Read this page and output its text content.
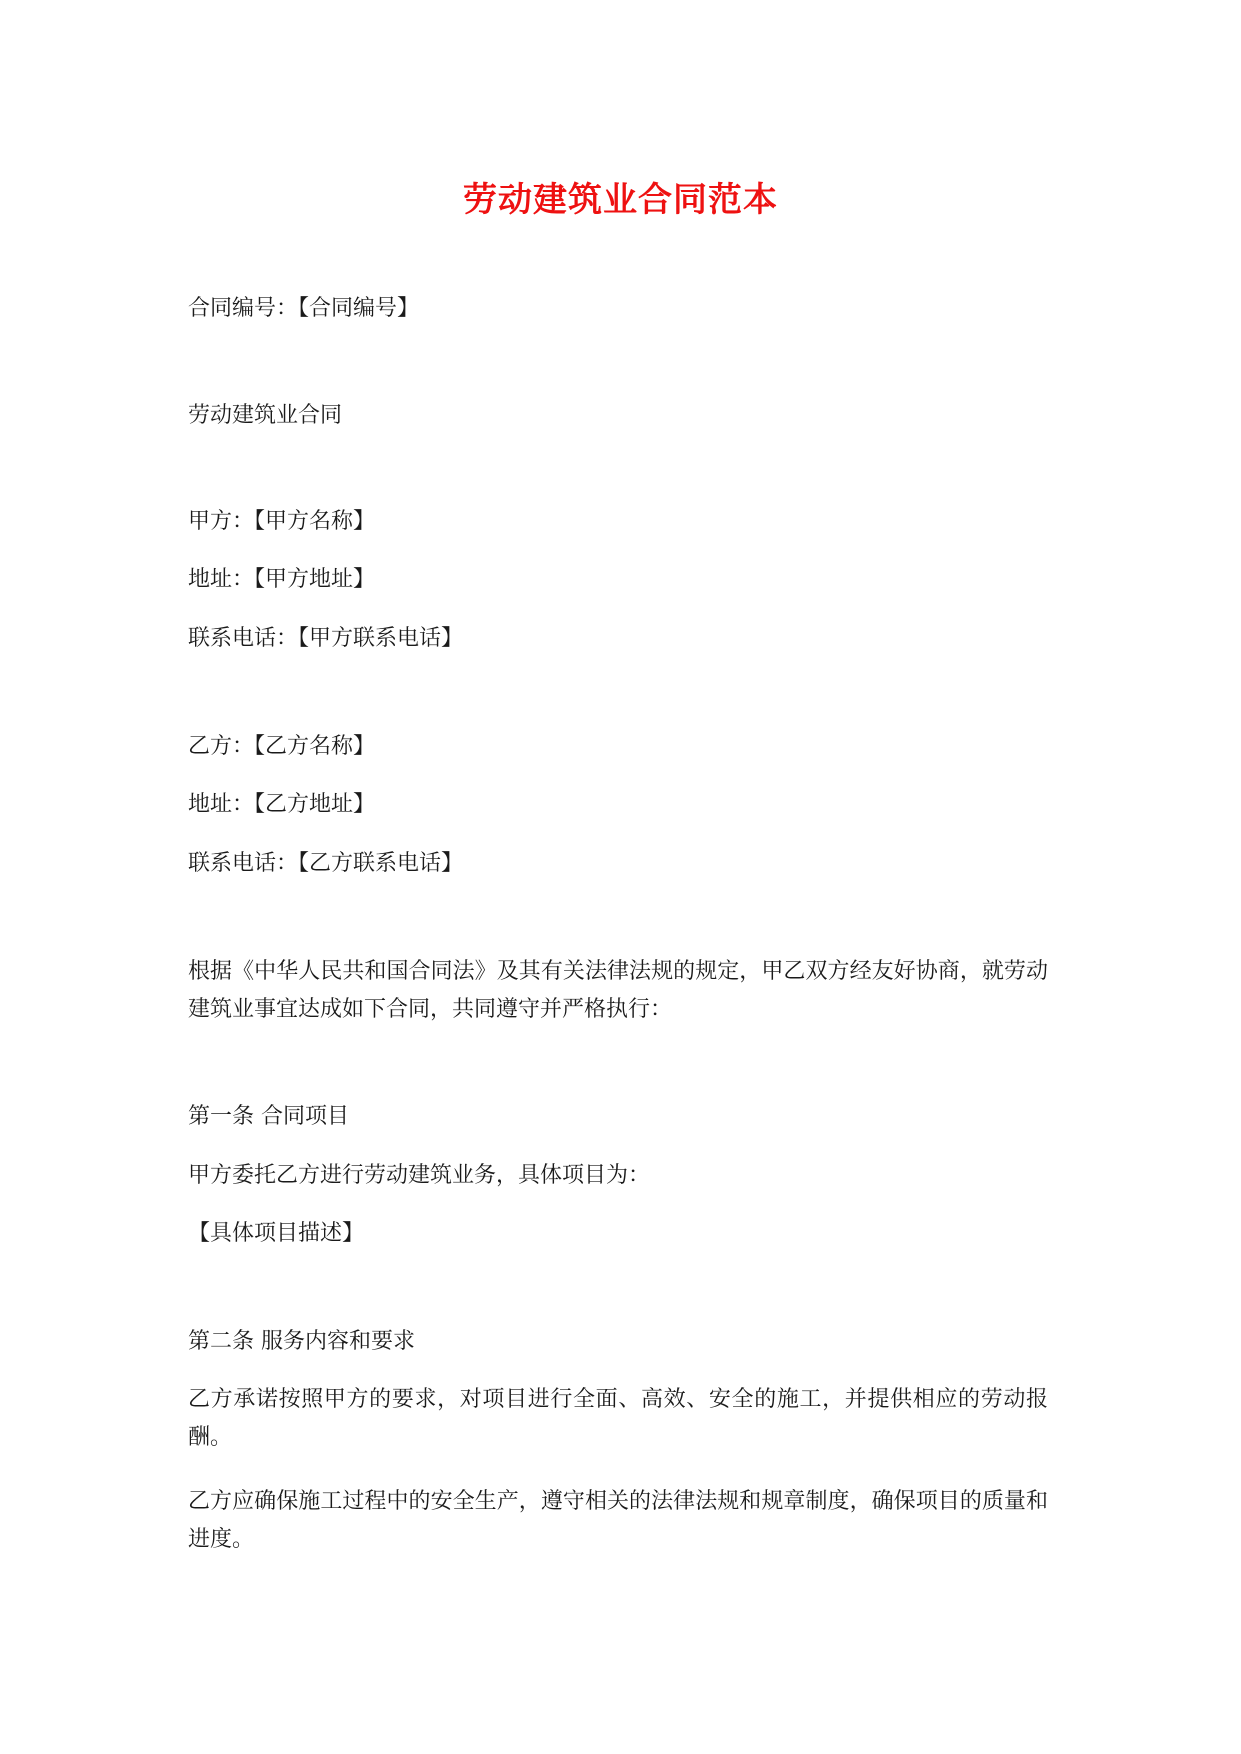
劳动建筑业合同范本
合同编号：【合同编号】
劳动建筑业合同
甲方：【甲方名称】
地址：【甲方地址】
联系电话：【甲方联系电话】
乙方：【乙方名称】
地址：【乙方地址】
联系电话：【乙方联系电话】
根据《中华人民共和国合同法》及其有关法律法规的规定，甲乙双方经友好协商，就劳动建筑业事宜达成如下合同，共同遵守并严格执行：
第一条 合同项目
甲方委托乙方进行劳动建筑业务，具体项目为：
【具体项目描述】
第二条 服务内容和要求
乙方承诺按照甲方的要求，对项目进行全面、高效、安全的施工，并提供相应的劳动报酬。
乙方应确保施工过程中的安全生产，遵守相关的法律法规和规章制度，确保项目的质量和进度。
